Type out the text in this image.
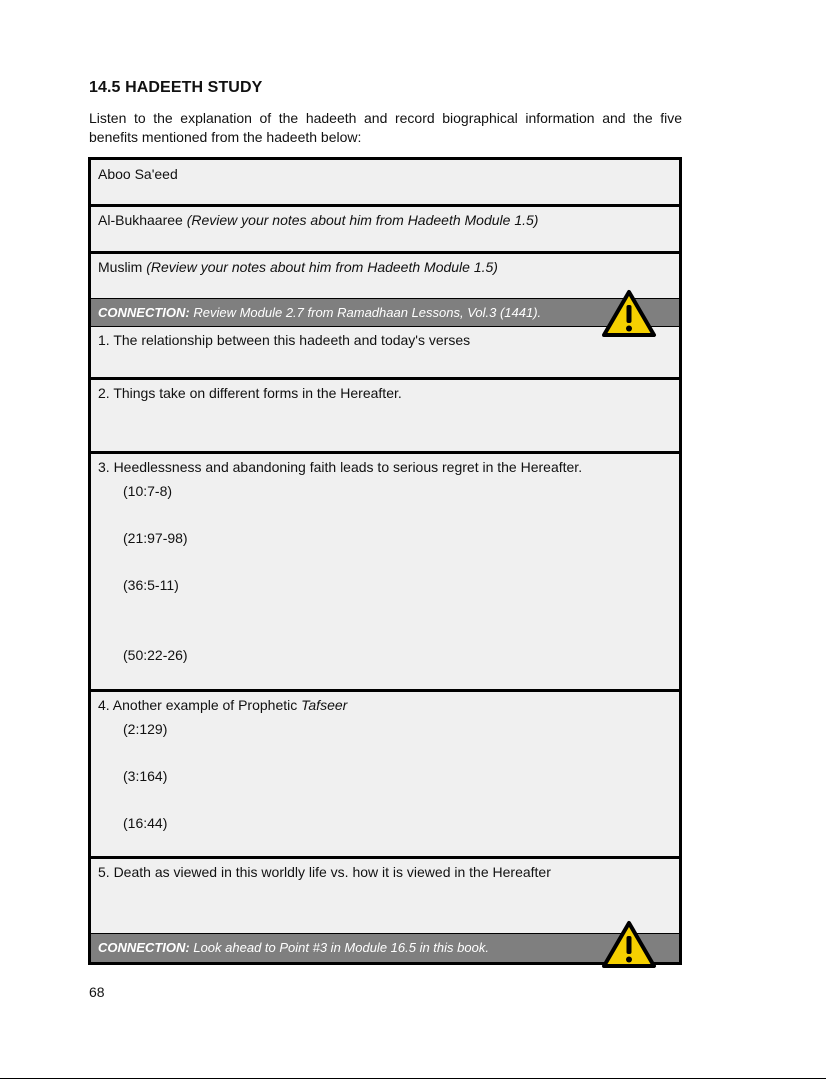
14.5 HADEETH STUDY

Listen to the explanation of the hadeeth and record biographical information and the five benefits mentioned from the hadeeth below:

Aboo Sa'eed
Al-Bukhaaree (Review your notes about him from Hadeeth Module 1.5)
Muslim (Review your notes about him from Hadeeth Module 1.5)
CONNECTION: Review Module 2.7 from Ramadhaan Lessons, Vol.3 (1441).
1. The relationship between this hadeeth and today's verses
2. Things take on different forms in the Hereafter.
3. Heedlessness and abandoning faith leads to serious regret in the Hereafter.
(10:7-8)
(21:97-98)
(36:5-11)
(50:22-26)
4. Another example of Prophetic Tafseer
(2:129)
(3:164)
(16:44)
5. Death as viewed in this worldly life vs. how it is viewed in the Hereafter
CONNECTION: Look ahead to Point #3 in Module 16.5 in this book.
68
